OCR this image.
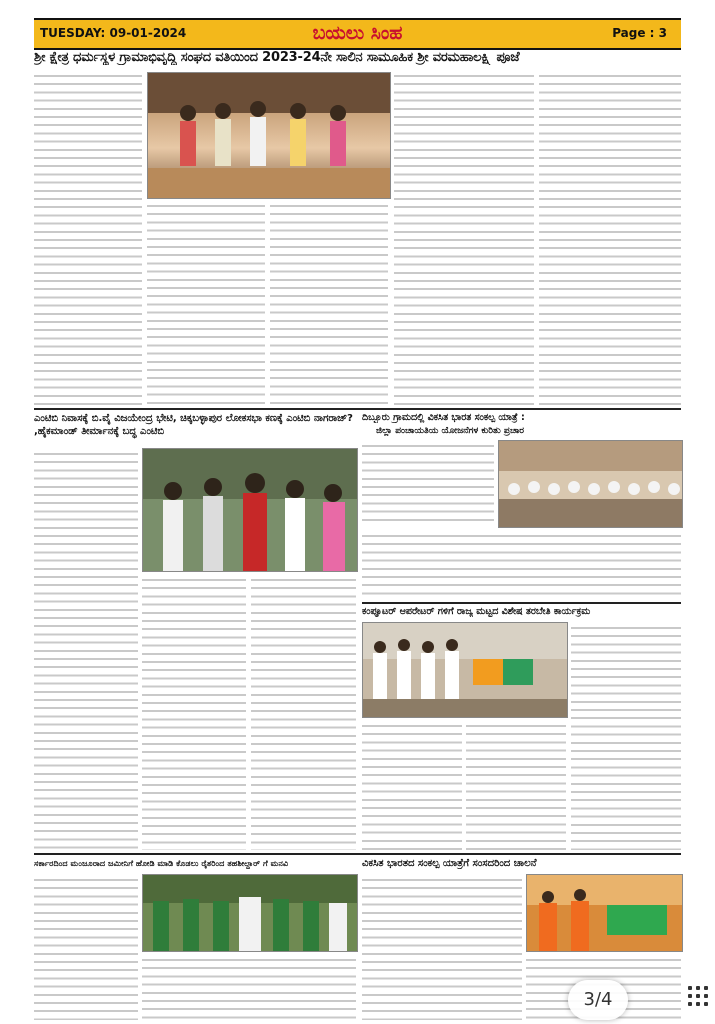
TUESDAY: 09-01-2024	ಬಯಲು ಸಿಂಹ	Page : 3
ಶ್ರೀ ಕ್ಷೇತ್ರ ಧರ್ಮಸ್ಥಳ ಗ್ರಾಮಾಭಿವೃದ್ಧಿ ಸಂಘದ ವತಿಯಿಂದ 2023-24ನೇ ಸಾಲಿನ ಸಾಮೂಹಿಕ ಶ್ರೀ ವರಮಹಾಲಕ್ಷ್ಮಿ ಪೂಜೆ
ಎಂಟಿಬಿ ನಿವಾಸಕ್ಕೆ ಬಿ.ವೈ ವಿಜಯೇಂದ್ರ ಭೇಟಿ, ಚಿಕ್ಕಬಳ್ಳಾಪುರ ಲೋಕಸಭಾ ಕಣಕ್ಕೆ ಎಂಟಿಬಿ ನಾಗರಾಜ್? ,ಹೈಕಮಾಂಡ್ ತೀರ್ಮಾನಕ್ಕೆ ಬದ್ಧ ಎಂಟಿಬಿ
ದಿಬ್ಬೂರು ಗ್ರಾಮದಲ್ಲಿ ವಿಕಸಿತ ಭಾರತ ಸಂಕಲ್ಪ ಯಾತ್ರೆ :
ಜಿಲ್ಲಾ ಪಂಚಾಯತಿಯ ಯೋಜನೆಗಳ ಕುರಿತು ಪ್ರಚಾರ
ಕಂಪ್ಯೂಟರ್ ಆಪರೇಟರ್ ಗಳಿಗೆ ರಾಜ್ಯ ಮಟ್ಟದ ವಿಶೇಷ ತರಬೇತಿ ಕಾರ್ಯಕ್ರಮ
ಸರ್ಕಾರದಿಂದ ಮಂಜೂರಾದ ಜಮೀನಿಗೆ ಹೋಡಿ ಮಾಡಿ ಕೊಡಲು ರೈತರಿಂದ ತಹಶೀಲ್ದಾರ್ ಗೆ ಮನವಿ	ವಿಕಸಿತ ಭಾರತದ ಸಂಕಲ್ಪ ಯಾತ್ರೆಗೆ ಸಂಸದರಿಂದ ಚಾಲನೆ
3/4
